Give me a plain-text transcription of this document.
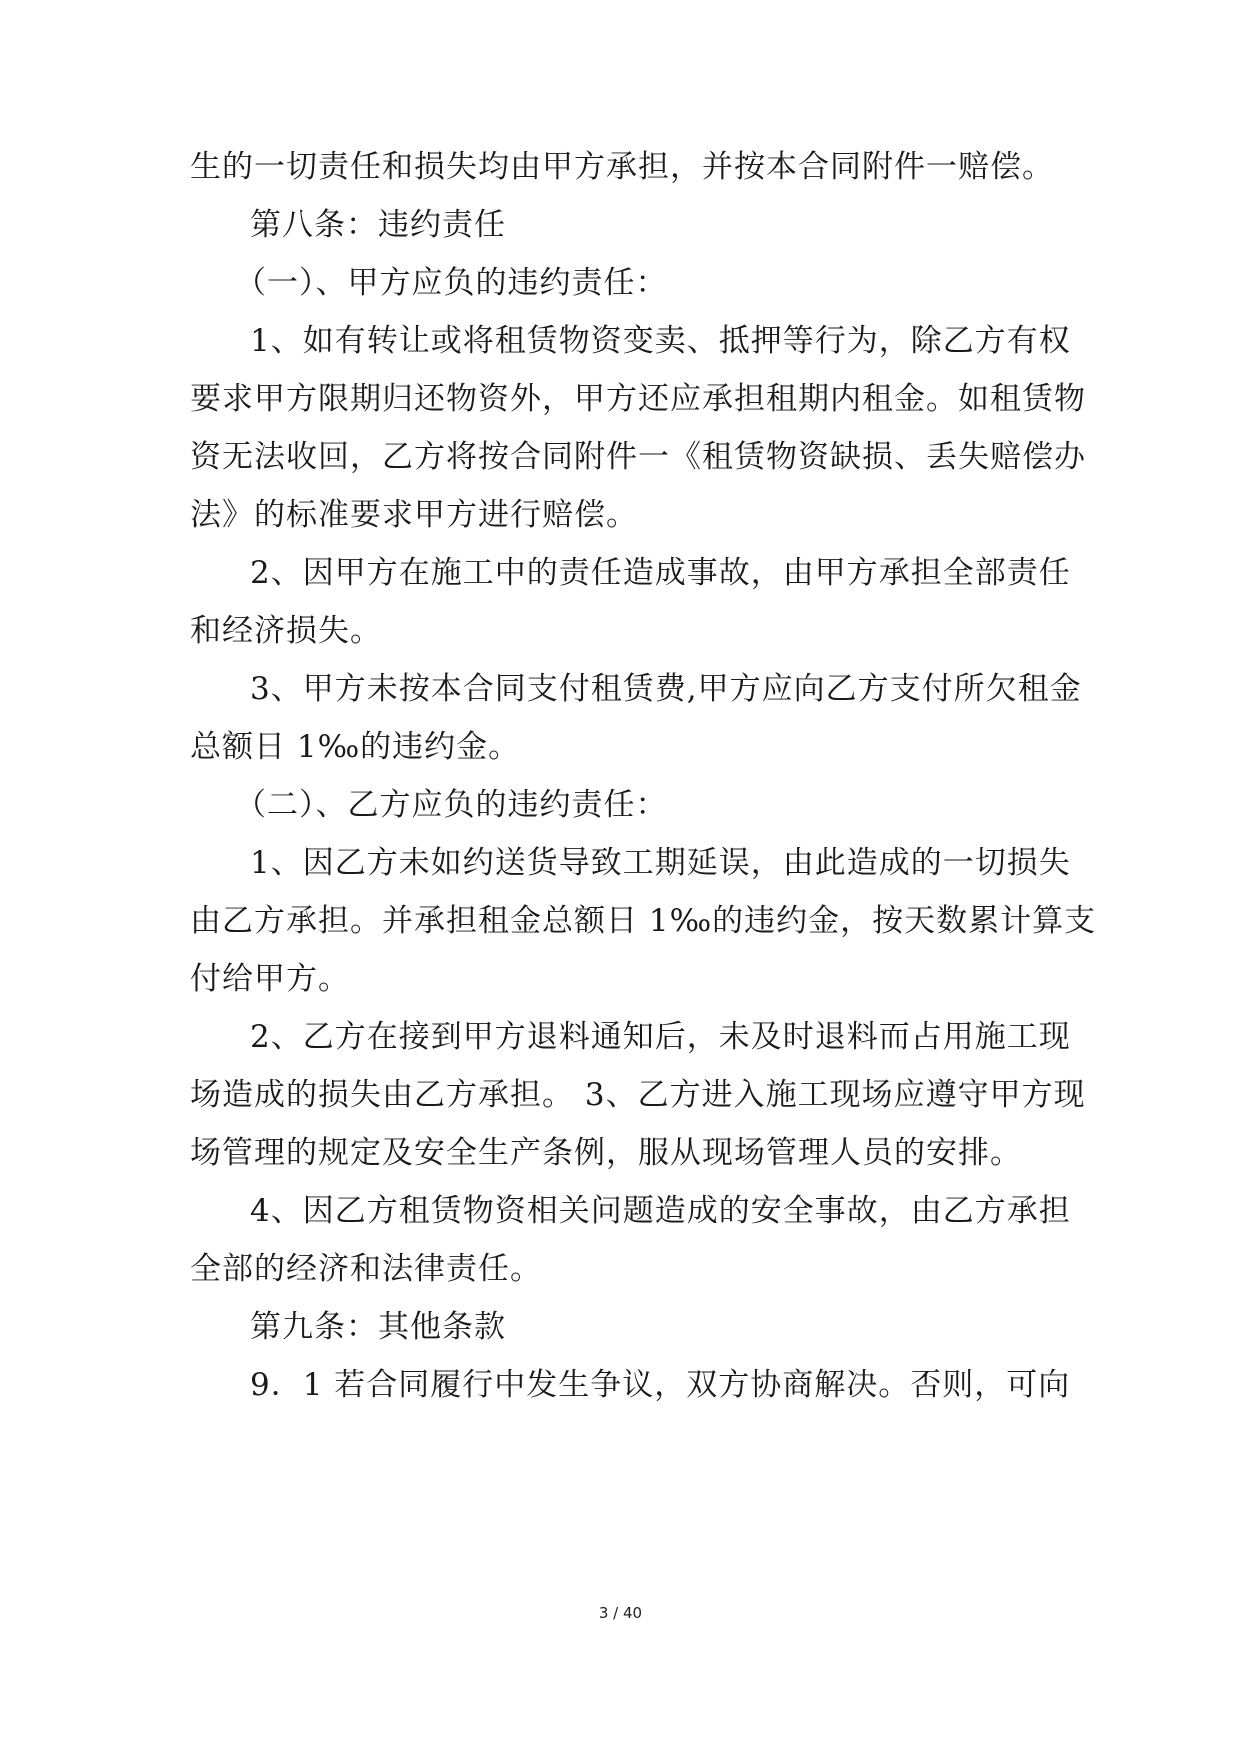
生的一切责任和损失均由甲方承担，并按本合同附件一赔偿。
第八条：违约责任
（一）、甲方应负的违约责任：
1、如有转让或将租赁物资变卖、抵押等行为，除乙方有权
要求甲方限期归还物资外，甲方还应承担租期内租金。如租赁物
资无法收回，乙方将按合同附件一《租赁物资缺损、丢失赔偿办
法》的标准要求甲方进行赔偿。
2、因甲方在施工中的责任造成事故，由甲方承担全部责任
和经济损失。
3、甲方未按本合同支付租赁费,甲方应向乙方支付所欠租金
总额日 1‰的违约金。
（二）、乙方应负的违约责任：
1、因乙方未如约送货导致工期延误，由此造成的一切损失
由乙方承担。并承担租金总额日 1‰的违约金，按天数累计算支
付给甲方。
2、乙方在接到甲方退料通知后，未及时退料而占用施工现
场造成的损失由乙方承担。 3、乙方进入施工现场应遵守甲方现
场管理的规定及安全生产条例，服从现场管理人员的安排。
4、因乙方租赁物资相关问题造成的安全事故，由乙方承担
全部的经济和法律责任。
第九条：其他条款
9．1 若合同履行中发生争议，双方协商解决。否则，可向
3 / 40
